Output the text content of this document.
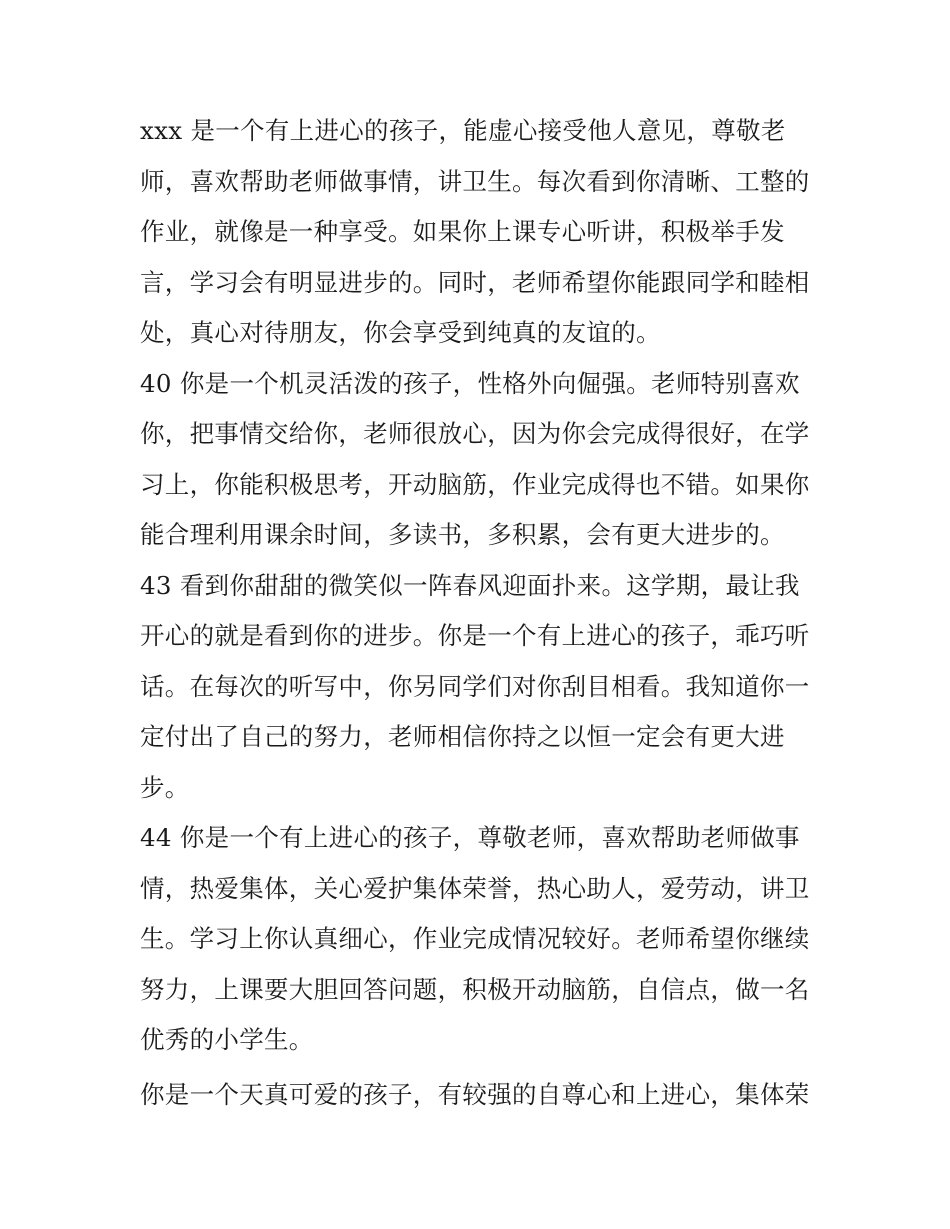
xxx 是一个有上进心的孩子，能虚心接受他人意见，尊敬老
师，喜欢帮助老师做事情，讲卫生。每次看到你清晰、工整的
作业，就像是一种享受。如果你上课专心听讲，积极举手发
言，学习会有明显进步的。同时，老师希望你能跟同学和睦相
处，真心对待朋友，你会享受到纯真的友谊的。
40 你是一个机灵活泼的孩子，性格外向倔强。老师特别喜欢
你，把事情交给你，老师很放心，因为你会完成得很好，在学
习上，你能积极思考，开动脑筋，作业完成得也不错。如果你
能合理利用课余时间，多读书，多积累，会有更大进步的。
43 看到你甜甜的微笑似一阵春风迎面扑来。这学期，最让我
开心的就是看到你的进步。你是一个有上进心的孩子，乖巧听
话。在每次的听写中，你另同学们对你刮目相看。我知道你一
定付出了自己的努力，老师相信你持之以恒一定会有更大进
步。
44 你是一个有上进心的孩子，尊敬老师，喜欢帮助老师做事
情，热爱集体，关心爱护集体荣誉，热心助人，爱劳动，讲卫
生。学习上你认真细心，作业完成情况较好。老师希望你继续
努力，上课要大胆回答问题，积极开动脑筋，自信点，做一名
优秀的小学生。
你是一个天真可爱的孩子，有较强的自尊心和上进心，集体荣
